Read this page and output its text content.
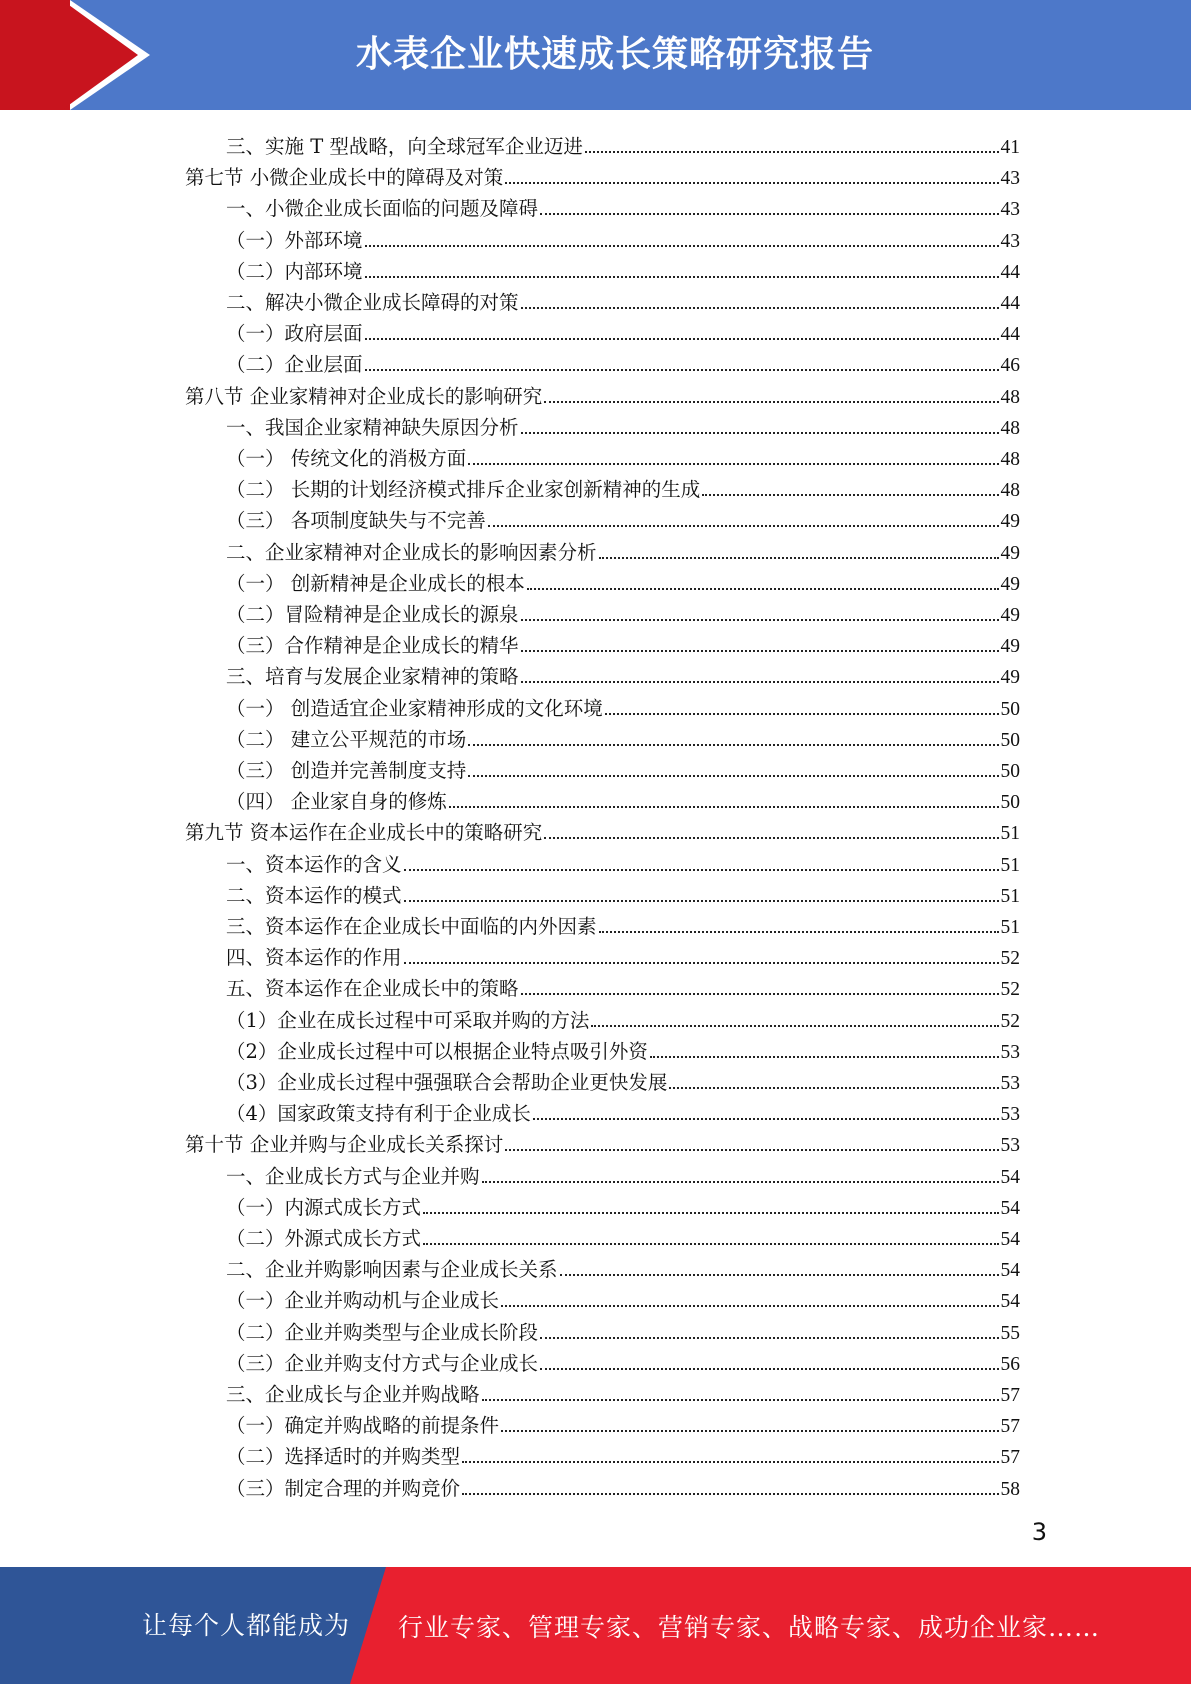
水表企业快速成长策略研究报告
三、实施 T 型战略，向全球冠军企业迈进	41
第七节 小微企业成长中的障碍及对策	43
一、小微企业成长面临的问题及障碍	43
（一）外部环境	43
（二）内部环境	44
二、解决小微企业成长障碍的对策	44
（一）政府层面	44
（二）企业层面	46
第八节 企业家精神对企业成长的影响研究	48
一、我国企业家精神缺失原因分析	48
（一） 传统文化的消极方面	48
（二） 长期的计划经济模式排斥企业家创新精神的生成	48
（三） 各项制度缺失与不完善	49
二、企业家精神对企业成长的影响因素分析	49
（一） 创新精神是企业成长的根本	49
（二）冒险精神是企业成长的源泉	49
（三）合作精神是企业成长的精华	49
三、培育与发展企业家精神的策略	49
（一） 创造适宜企业家精神形成的文化环境	50
（二） 建立公平规范的市场	50
（三） 创造并完善制度支持	50
（四） 企业家自身的修炼	50
第九节 资本运作在企业成长中的策略研究	51
一、资本运作的含义	51
二、资本运作的模式	51
三、资本运作在企业成长中面临的内外因素	51
四、资本运作的作用	52
五、资本运作在企业成长中的策略	52
（1）企业在成长过程中可采取并购的方法	52
（2）企业成长过程中可以根据企业特点吸引外资	53
（3）企业成长过程中强强联合会帮助企业更快发展	53
（4）国家政策支持有利于企业成长	53
第十节 企业并购与企业成长关系探讨	53
一、企业成长方式与企业并购	54
（一）内源式成长方式	54
（二）外源式成长方式	54
二、企业并购影响因素与企业成长关系	54
（一）企业并购动机与企业成长	54
（二）企业并购类型与企业成长阶段	55
（三）企业并购支付方式与企业成长	56
三、企业成长与企业并购战略	57
（一）确定并购战略的前提条件	57
（二）选择适时的并购类型	57
（三）制定合理的并购竞价	58
3
让每个人都能成为 行业专家、管理专家、营销专家、战略专家、成功企业家……
